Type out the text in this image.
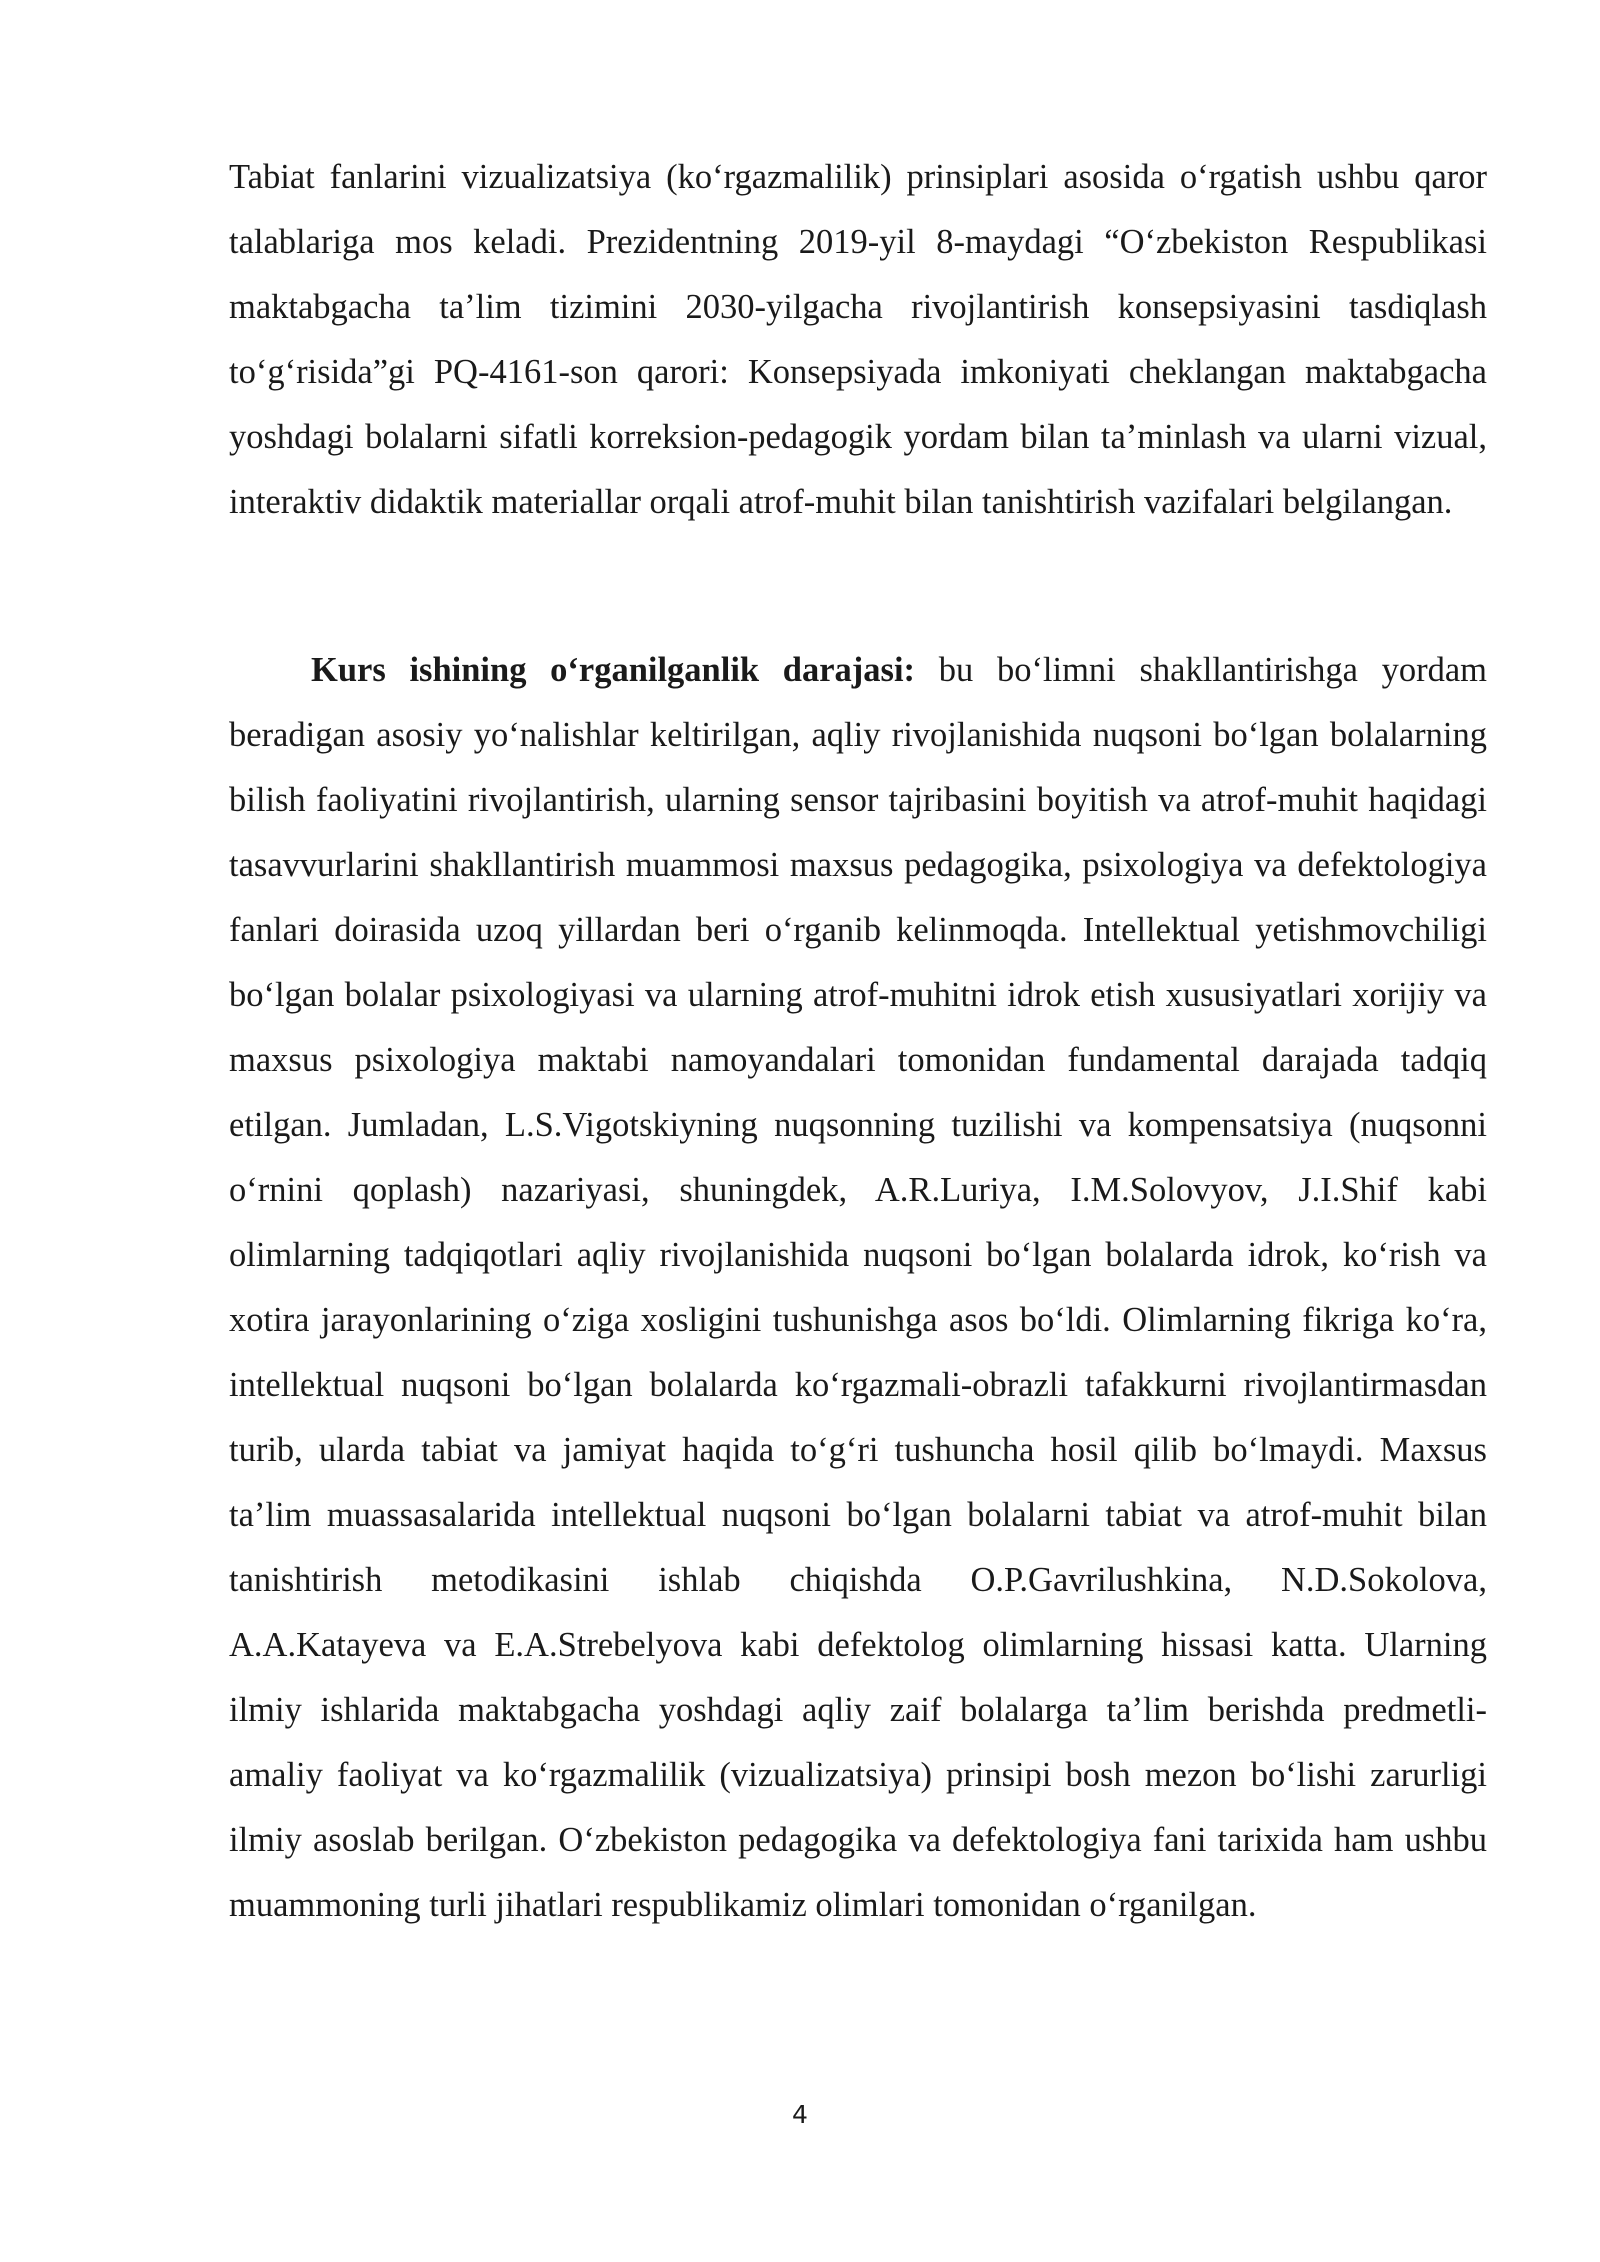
Tabiat fanlarini vizualizatsiya (koʻrgazmalilik) prinsiplari asosida oʻrgatish ushbu qaror talablariga mos keladi. Prezidentning 2019-yil 8-maydagi “Oʻzbekiston Respublikasi maktabgacha taʼlim tizimini 2030-yilgacha rivojlantirish konsepsiyasini tasdiqlash toʻgʻrisida”gi PQ-4161-son qarori: Konsepsiyada imkoniyati cheklangan maktabgacha yoshdagi bolalarni sifatli korreksion-pedagogik yordam bilan taʼminlash va ularni vizual, interaktiv didaktik materiallar orqali atrof-muhit bilan tanishtirish vazifalari belgilangan.

Kurs ishining oʻrganilganlik darajasi: bu boʻlimni shakllantirishga yordam beradigan asosiy yoʻnalishlar keltirilgan, aqliy rivojlanishida nuqsoni boʻlgan bolalarning bilish faoliyatini rivojlantirish, ularning sensor tajribasini boyitish va atrof-muhit haqidagi tasavvurlarini shakllantirish muammosi maxsus pedagogika, psixologiya va defektologiya fanlari doirasida uzoq yillardan beri oʻrganib kelinmoqda. Intellektual yetishmovchiligi boʻlgan bolalar psixologiyasi va ularning atrof-muhitni idrok etish xususiyatlari xorijiy va maxsus psixologiya maktabi namoyandalari tomonidan fundamental darajada tadqiq etilgan. Jumladan, L.S.Vigotskiyning nuqsonning tuzilishi va kompensatsiya (nuqsonni oʻrnini qoplash) nazariyasi, shuningdek, A.R.Luriya, I.M.Solovyov, J.I.Shif kabi olimlarning tadqiqotlari aqliy rivojlanishida nuqsoni boʻlgan bolalarda idrok, koʻrish va xotira jarayonlarining oʻziga xosligini tushunishga asos boʻldi. Olimlarning fikriga koʻra, intellektual nuqsoni boʻlgan bolalarda koʻrgazmali-obrazli tafakkurni rivojlantirmasdan turib, ularda tabiat va jamiyat haqida toʻgʻri tushuncha hosil qilib boʻlmaydi. Maxsus taʼlim muassasalarida intellektual nuqsoni boʻlgan bolalarni tabiat va atrof-muhit bilan tanishtirish metodikasini ishlab chiqishda O.P.Gavrilushkina, N.D.Sokolova, A.A.Katayeva va E.A.Strebelyova kabi defektolog olimlarning hissasi katta. Ularning ilmiy ishlarida maktabgacha yoshdagi aqliy zaif bolalarga taʼlim berishda predmetli-amaliy faoliyat va koʻrgazmalilik (vizualizatsiya) prinsipi bosh mezon boʻlishi zarurligi ilmiy asoslab berilgan. Oʻzbekiston pedagogika va defektologiya fani tarixida ham ushbu muammoning turli jihatlari respublikamiz olimlari tomonidan oʻrganilgan.

4
